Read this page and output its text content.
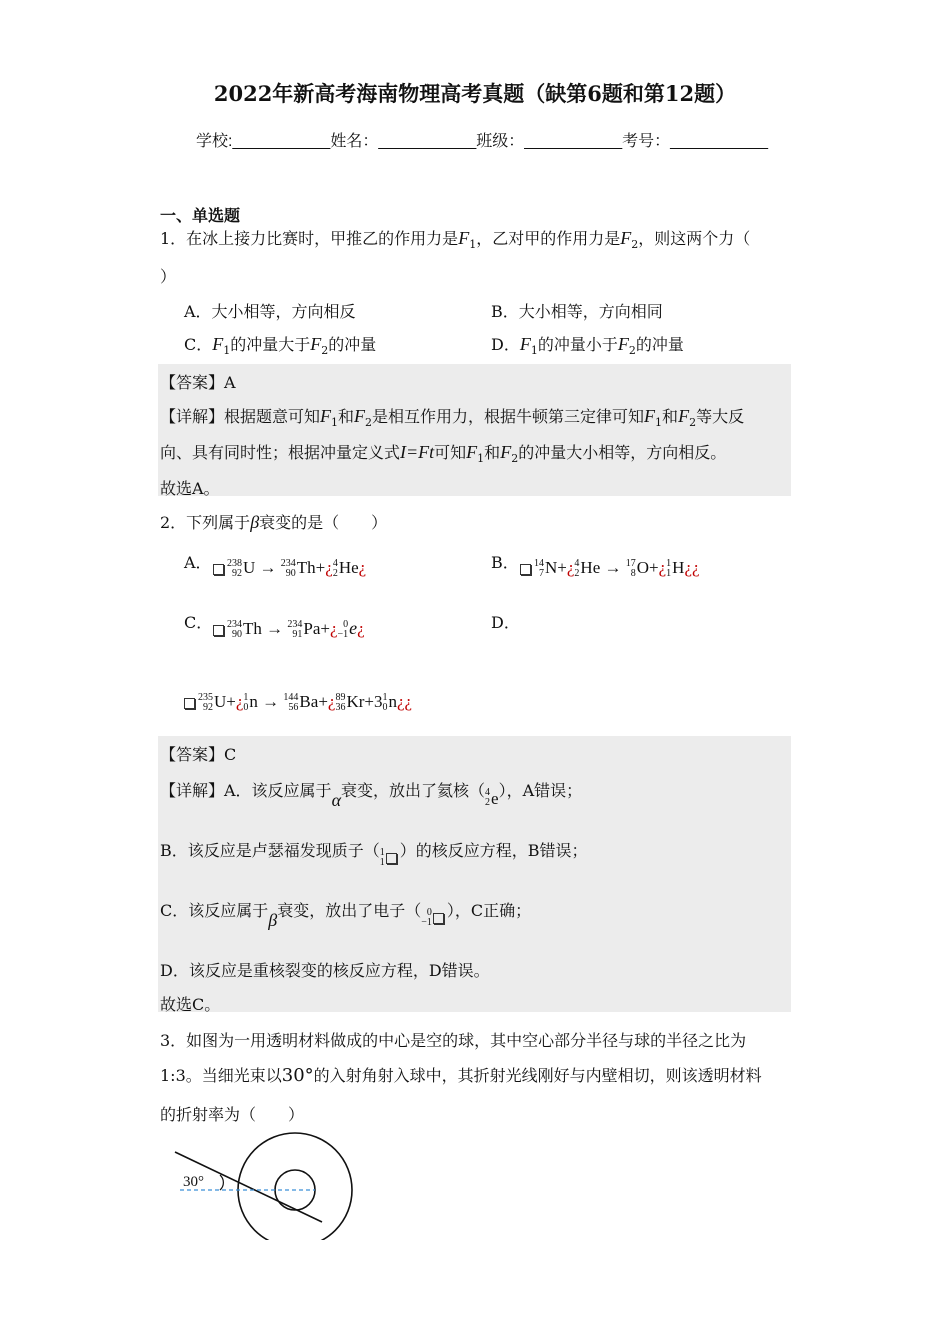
2022年新高考海南物理高考真题（缺第6题和第12题）
学校:___________姓名：___________班级：___________考号：___________
一、单选题
1．在冰上接力比赛时，甲推乙的作用力是$F_1$，乙对甲的作用力是$F_2$，则这两个力（
）
A．大小相等，方向相反	B．大小相等，方向相同
C．$F_1$的冲量大于$F_2$的冲量	D．$F_1$的冲量小于$F_2$的冲量
【答案】A
【详解】根据题意可知$F_1$和$F_2$是相互作用力，根据牛顿第三定律可知$F_1$和$F_2$等大反
向、具有同时性；根据冲量定义式I=Ft可知$F_1$和$F_2$的冲量大小相等，方向相反。
故选A。
2．下列属于β衰变的是（　　）
A． 238
92 U → 234
90 Th+¿ 4
2 He¿	B． 14
7 N+¿ 4
2 He → 17
8 O+¿ 1
1 H¿¿
C． 234
90 Th → 234
91 Pa+¿ 0
−1 e¿	D．
235
92 U+¿ 1
0 n → 144
56 Ba+¿ 89
36 Kr+3 1
0 n¿¿
【答案】C
【详解】A．该反应属于α衰变，放出了氦核（ 4
2 e），A错误；
B．该反应是卢瑟福发现质子（ 1
1
）的核反应方程，B错误；
C．该反应属于β衰变，放出了电子（ 0
−1
），C正确；
D．该反应是重核裂变的核反应方程，D错误。
故选C。
3．如图为一用透明材料做成的中心是空的球，其中空心部分半径与球的半径之比为
1:3。当细光束以30°的入射角射入球中，其折射光线刚好与内壁相切，则该透明材料
的折射率为（　　）
30°
